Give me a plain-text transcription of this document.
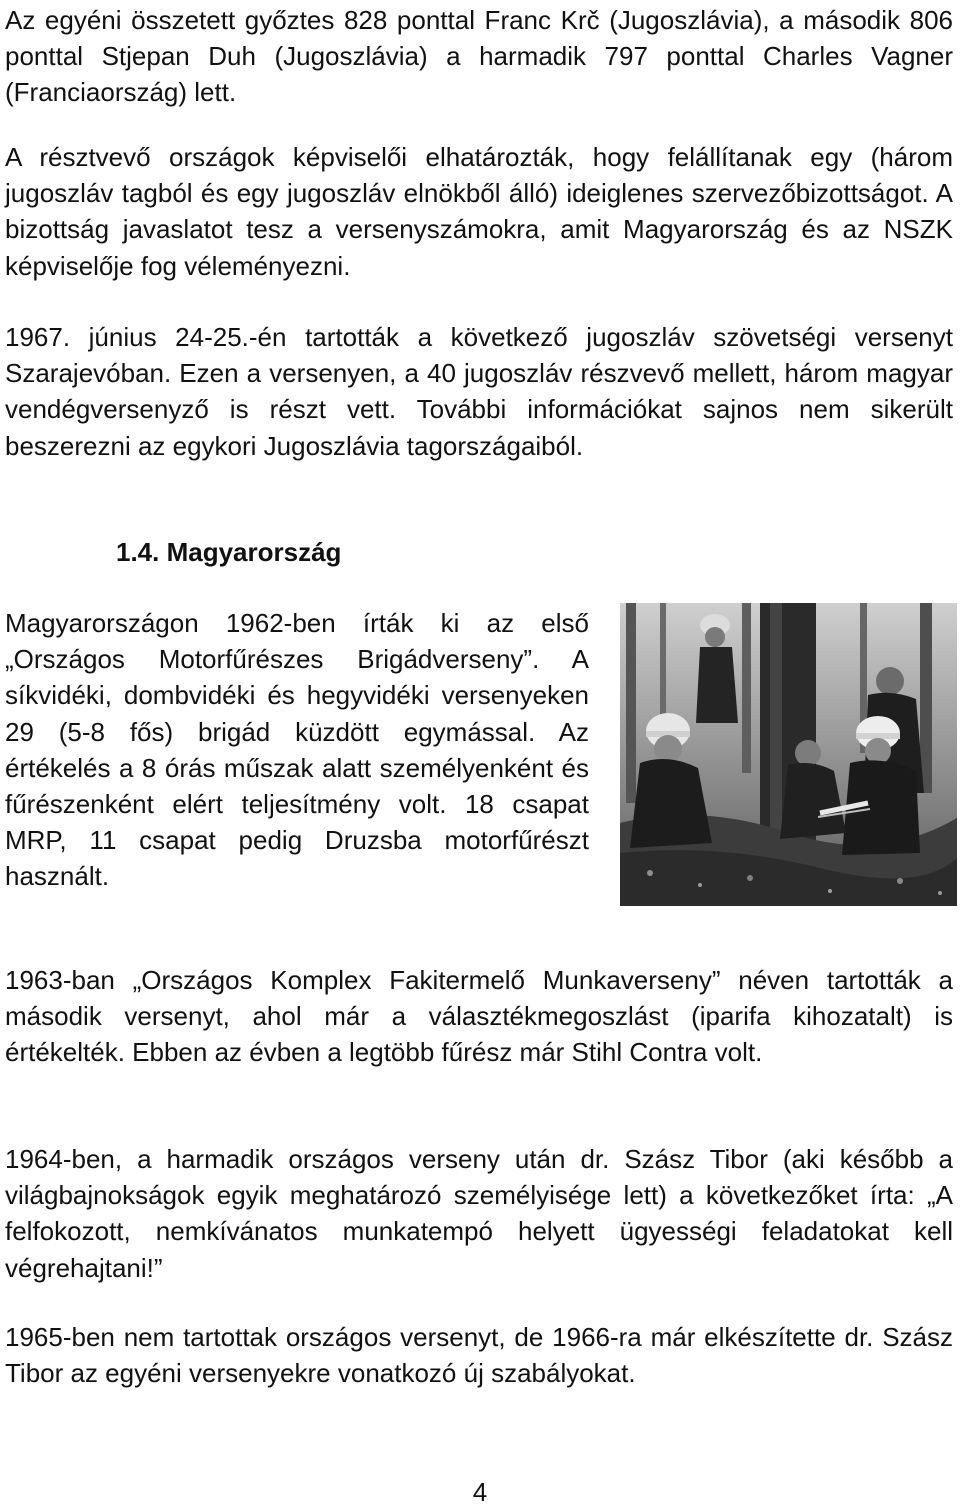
Az egyéni összetett győztes 828 ponttal Franc Krč (Jugoszlávia), a második 806 ponttal Stjepan Duh (Jugoszlávia) a harmadik 797 ponttal Charles Vagner (Franciaország) lett.

A résztvevő országok képviselői elhatározták, hogy felállítanak egy (három jugoszláv tagból és egy jugoszláv elnökből álló) ideiglenes szervezőbizottságot. A bizottság javaslatot tesz a versenyszámokra, amit Magyarország és az NSZK képviselője fog véleményezni.

1967. június 24-25.-én tartották a következő jugoszláv szövetségi versenyt Szarajevóban. Ezen a versenyen, a 40 jugoszláv részvevő mellett, három magyar vendégversenyző is részt vett. További információkat sajnos nem sikerült beszerezni az egykori Jugoszlávia tagországaiból.

1.4. Magyarország

Magyarországon 1962-ben írták ki az első „Országos Motorfűrészes Brigádverseny”. A síkvidéki, dombvidéki és hegyvidéki versenyeken 29 (5-8 fős) brigád küzdött egymással. Az értékelés a 8 órás műszak alatt személyenként és fűrészenként elért teljesítmény volt. 18 csapat MRP, 11 csapat pedig Druzsba motorfűrészt használt.

1963-ban „Országos Komplex Fakitermelő Munkaverseny” néven tartották a második versenyt, ahol már a választékmegoszlást (iparifa kihozatalt) is értékelték. Ebben az évben a legtöbb fűrész már Stihl Contra volt.

1964-ben, a harmadik országos verseny után dr. Szász Tibor (aki később a világbajnokságok egyik meghatározó személyisége lett) a következőket írta: „A felfokozott, nemkívánatos munkatempó helyett ügyességi feladatokat kell végrehajtani!”

1965-ben nem tartottak országos versenyt, de 1966-ra már elkészítette dr. Szász Tibor az egyéni versenyekre vonatkozó új szabályokat.

4
